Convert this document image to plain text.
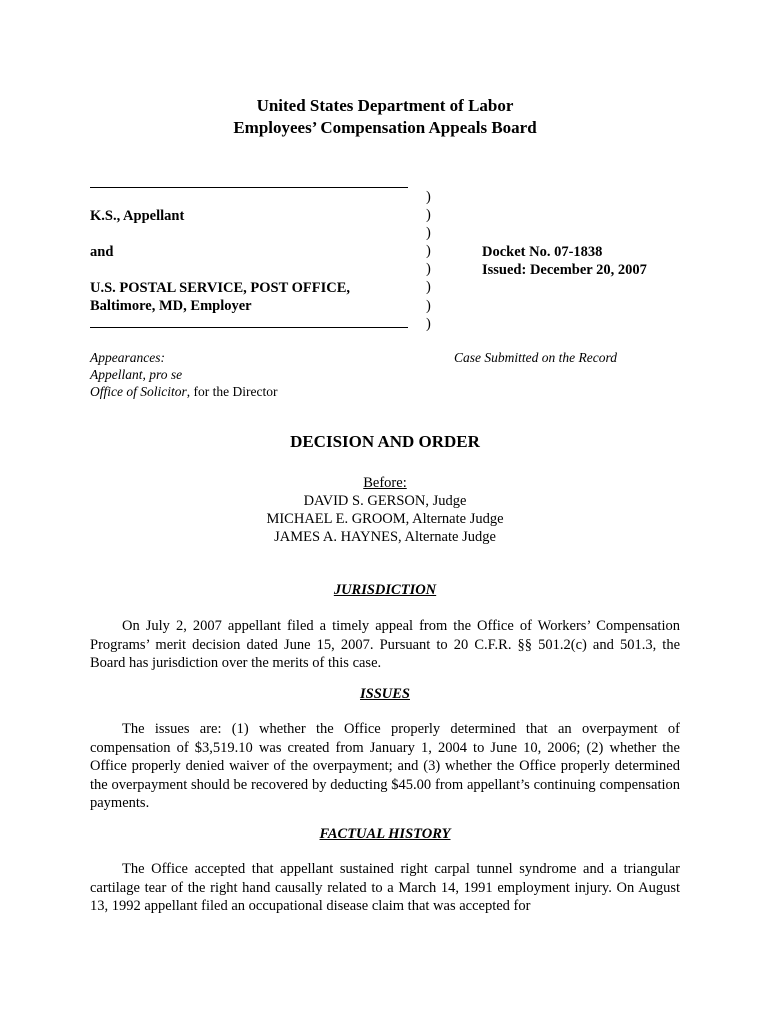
United States Department of Labor
Employees’ Compensation Appeals Board
K.S., Appellant
and
U.S. POSTAL SERVICE, POST OFFICE,
Baltimore, MD, Employer
)
)
)
)
)
)
)
)
Docket No. 07-1838
Issued: December 20, 2007
Appearances:
Appellant, pro se
Office of Solicitor, for the Director
Case Submitted on the Record
DECISION AND ORDER
Before:
DAVID S. GERSON, Judge
MICHAEL E. GROOM, Alternate Judge
JAMES A. HAYNES, Alternate Judge
JURISDICTION

On July 2, 2007 appellant filed a timely appeal from the Office of Workers’ Compensation Programs’ merit decision dated June 15, 2007. Pursuant to 20 C.F.R. §§ 501.2(c) and 501.3, the Board has jurisdiction over the merits of this case.

ISSUES

The issues are: (1) whether the Office properly determined that an overpayment of compensation of $3,519.10 was created from January 1, 2004 to June 10, 2006; (2) whether the Office properly denied waiver of the overpayment; and (3) whether the Office properly determined the overpayment should be recovered by deducting $45.00 from appellant’s continuing compensation payments.

FACTUAL HISTORY

The Office accepted that appellant sustained right carpal tunnel syndrome and a triangular cartilage tear of the right hand causally related to a March 14, 1991 employment injury. On August 13, 1992 appellant filed an occupational disease claim that was accepted for
